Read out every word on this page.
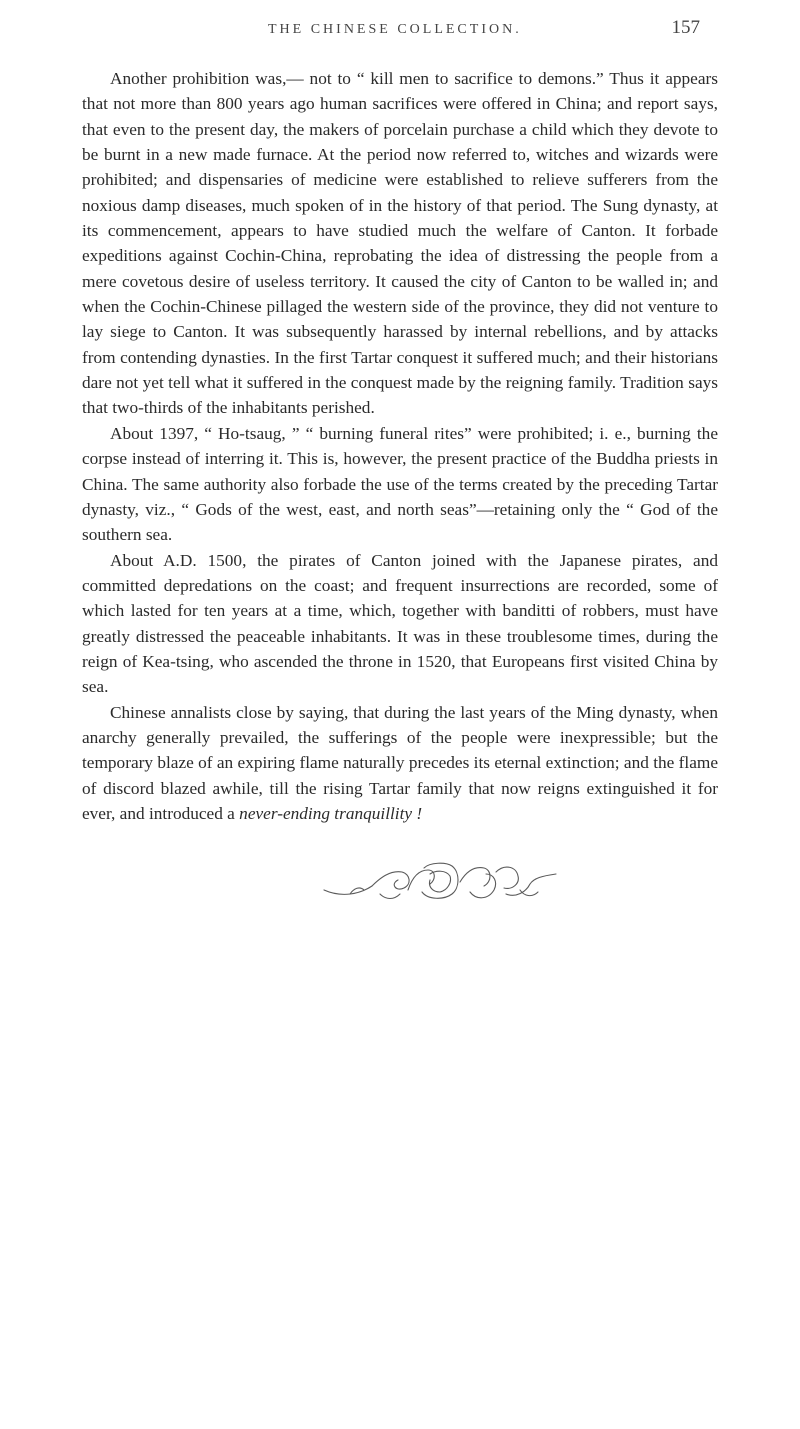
THE CHINESE COLLECTION.	157

Another prohibition was,— not to “ kill men to sacrifice to demons.” Thus it appears that not more than 800 years ago human sacrifices were offered in China; and report says, that even to the present day, the makers of porcelain purchase a child which they devote to be burnt in a new made furnace. At the period now referred to, witches and wizards were prohibited; and dispensaries of medicine were established to relieve sufferers from the noxious damp diseases, much spoken of in the history of that period. The Sung dynasty, at its commencement, appears to have studied much the welfare of Canton. It forbade expeditions against Cochin-China, reprobating the idea of distressing the people from a mere covetous desire of useless territory. It caused the city of Canton to be walled in; and when the Cochin-Chinese pillaged the western side of the province, they did not venture to lay siege to Canton. It was subsequently harassed by internal rebellions, and by attacks from contending dynasties. In the first Tartar conquest it suffered much; and their historians dare not yet tell what it suffered in the conquest made by the reigning family. Tradition says that two-thirds of the inhabitants perished.

About 1397, “ Ho-tsaug, ” “ burning funeral rites” were prohibited; i. e., burning the corpse instead of interring it. This is, however, the present practice of the Buddha priests in China. The same authority also forbade the use of the terms created by the preceding Tartar dynasty, viz., “ Gods of the west, east, and north seas”—retaining only the “ God of the southern sea.

About A.D. 1500, the pirates of Canton joined with the Japanese pirates, and committed depredations on the coast; and frequent insurrections are recorded, some of which lasted for ten years at a time, which, together with banditti of robbers, must have greatly distressed the peaceable inhabitants. It was in these troublesome times, during the reign of Kea-tsing, who ascended the throne in 1520, that Europeans first visited China by sea.

Chinese annalists close by saying, that during the last years of the Ming dynasty, when anarchy generally prevailed, the sufferings of the people were inexpressible; but the temporary blaze of an expiring flame naturally precedes its eternal extinction; and the flame of discord blazed awhile, till the rising Tartar family that now reigns extinguished it for ever, and introduced a never-ending tranquillity !
